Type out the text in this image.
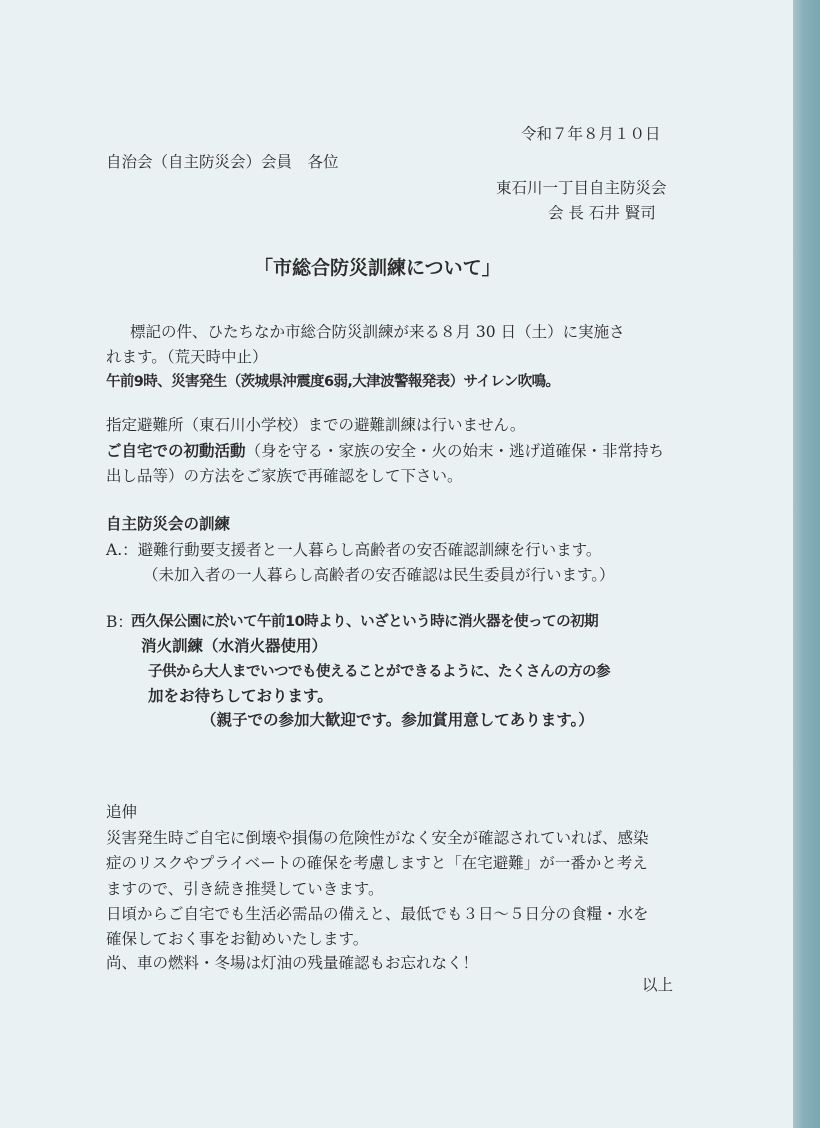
令和７年８月１０日

自治会（自主防災会）会員　各位

東石川一丁目自主防災会

会 長 石井 賢司

「市総合防災訓練について」

標記の件、ひたちなか市総合防災訓練が来る８月 30 日（土）に実施さ

れます。（荒天時中止）

午前9時、災害発生（茨城県沖震度6弱,大津波警報発表）サイレン吹鳴。

指定避難所（東石川小学校）までの避難訓練は行いません。

ご自宅での初動活動（身を守る・家族の安全・火の始末・逃げ道確保・非常持ち

出し品等）の方法をご家族で再確認をして下さい。

自主防災会の訓練

A.：避難行動要支援者と一人暮らし高齢者の安否確認訓練を行います。

（未加入者の一人暮らし高齢者の安否確認は民生委員が行います。）

B：

西久保公園に於いて午前10時より、いざという時に消火器を使っての初期

消火訓練（水消火器使用）

子供から大人までいつでも使えることができるように、たくさんの方の参

加をお待ちしております。

（親子での参加大歓迎です。参加賞用意してあります。）

追伸

災害発生時ご自宅に倒壊や損傷の危険性がなく安全が確認されていれば、感染

症のリスクやプライベートの確保を考慮しますと「在宅避難」が一番かと考え

ますので、引き続き推奨していきます。

日頃からご自宅でも生活必需品の備えと、最低でも３日～５日分の食糧・水を

確保しておく事をお勧めいたします。

尚、車の燃料・冬場は灯油の残量確認もお忘れなく！

以上
